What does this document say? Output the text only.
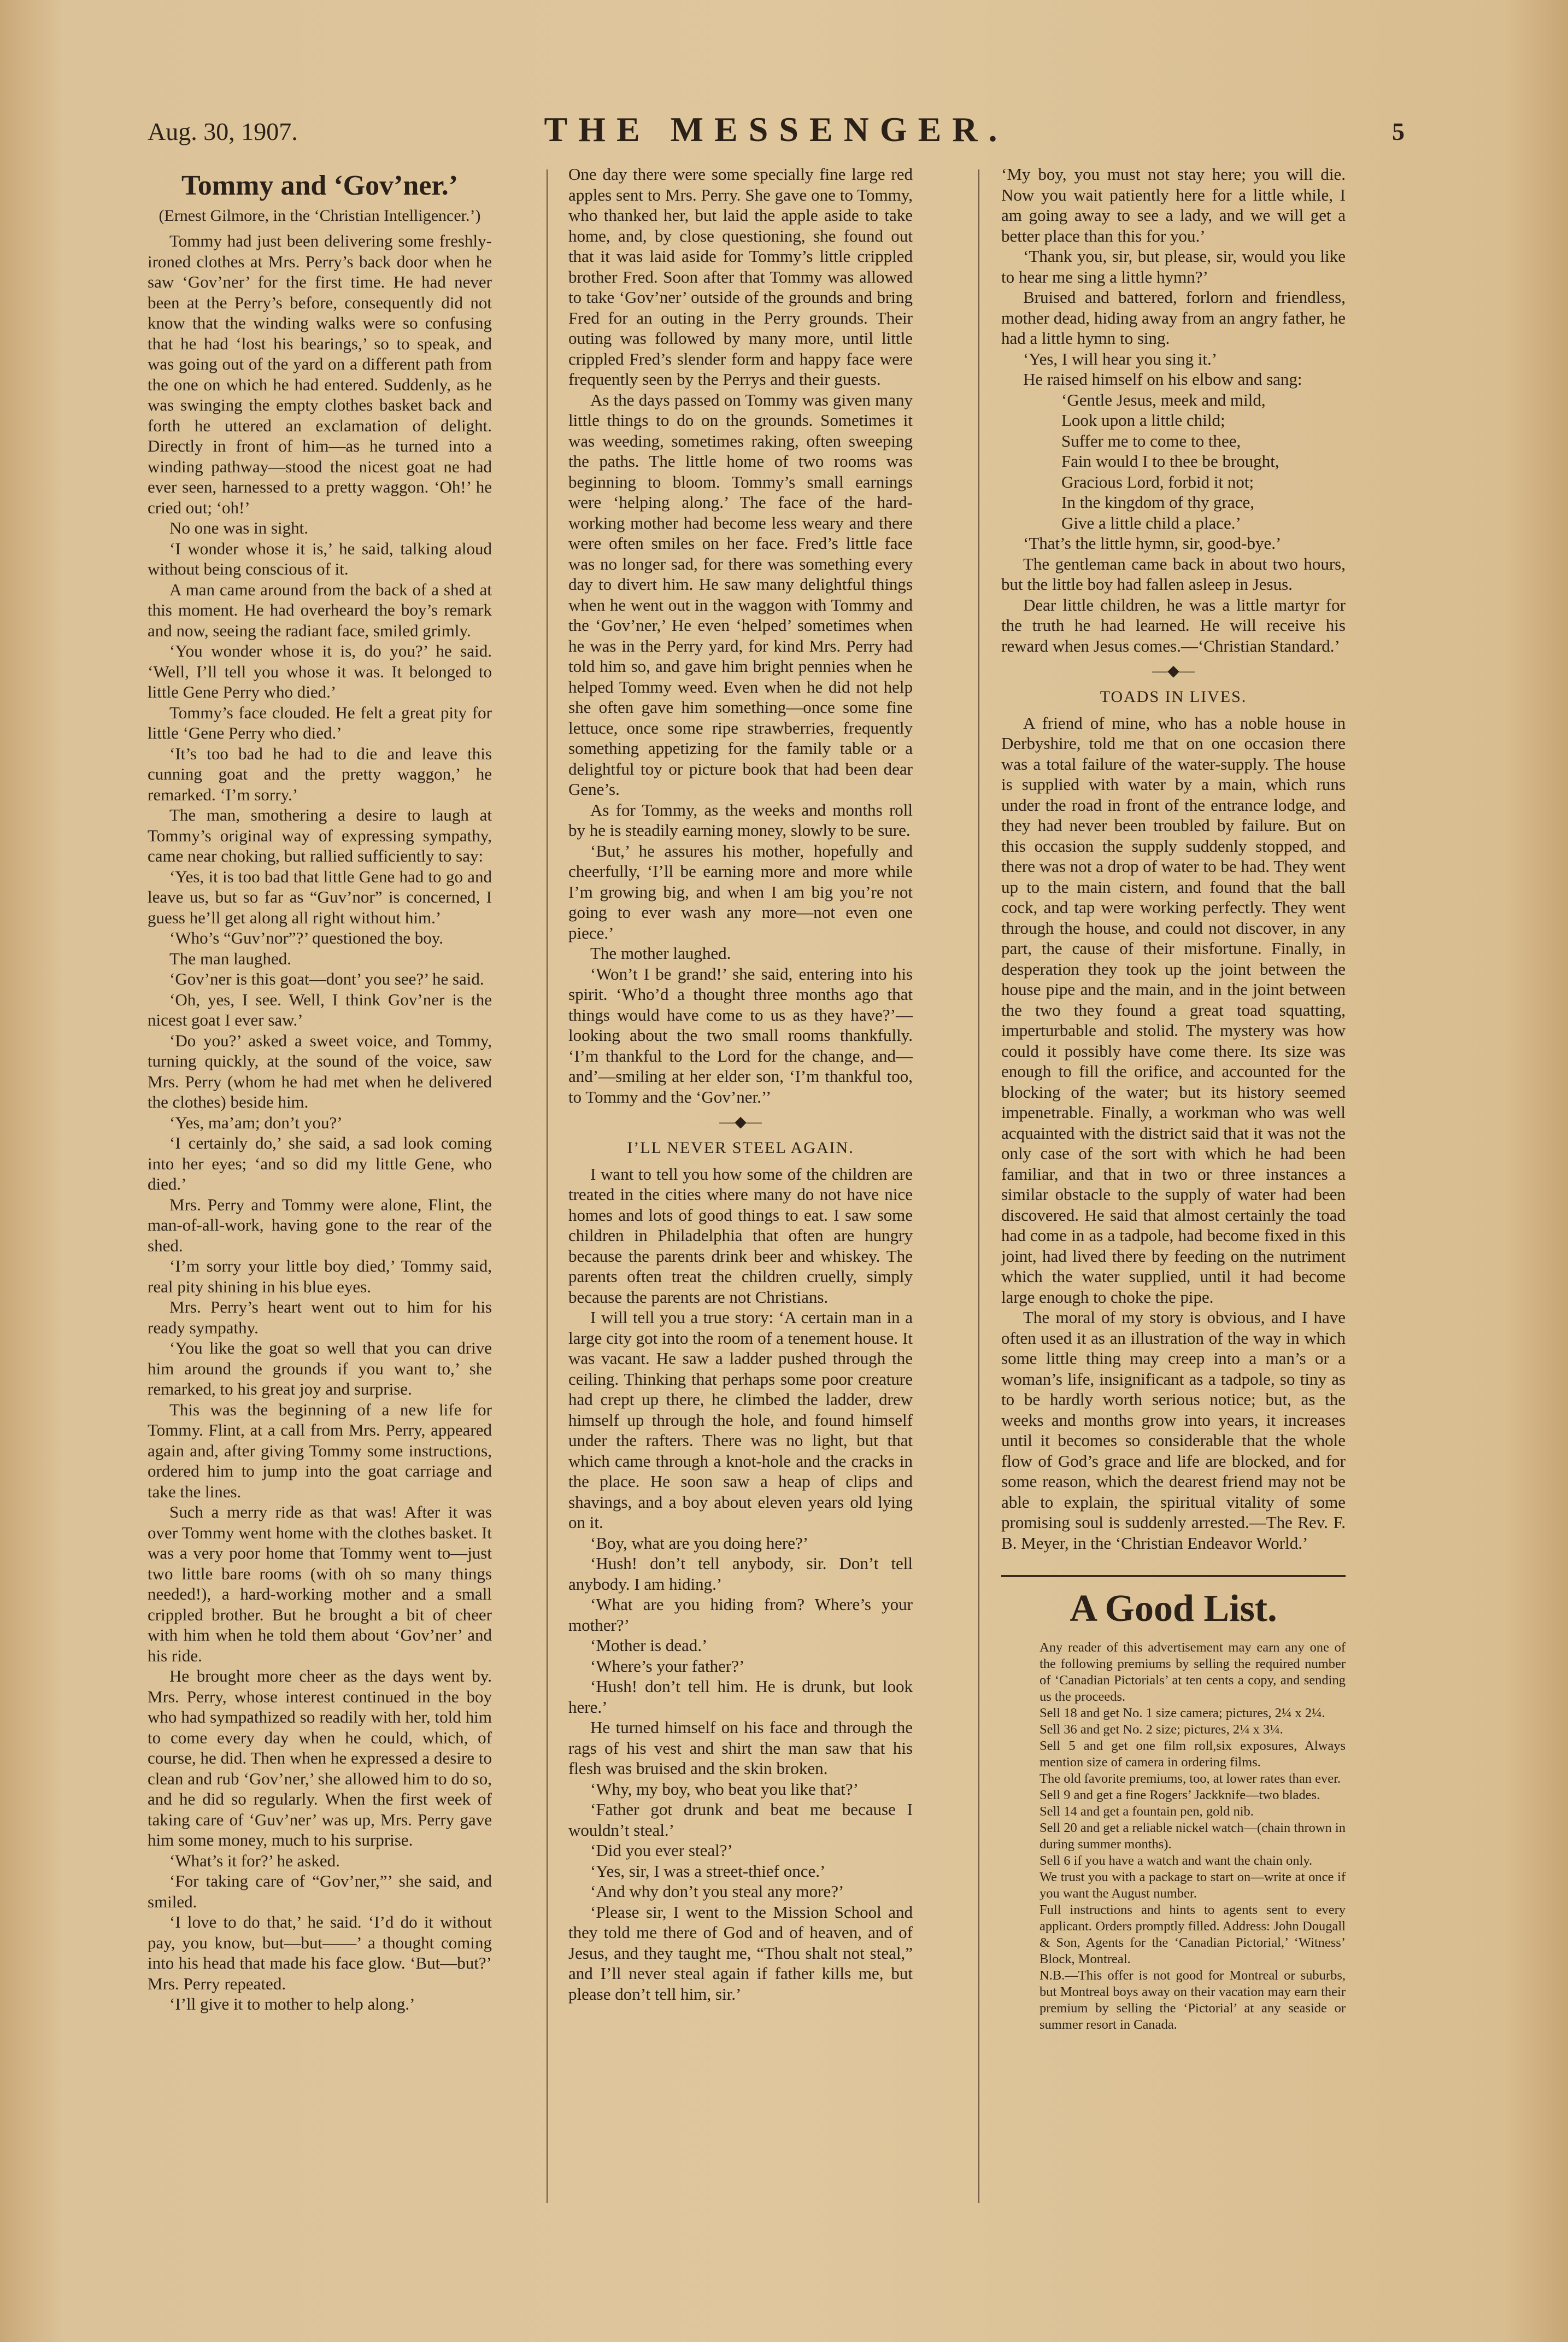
Aug. 30, 1907.	THE MESSENGER.	5
Tommy and ‘Gov’ner.’
(Ernest Gilmore, in the ‘Christian Intelligencer.’)

Tommy had just been delivering some freshly-ironed clothes at Mrs. Perry’s back door when he saw ‘Gov’ner’ for the first time. He had never been at the Perry’s before, consequently did not know that the winding walks were so confusing that he had ‘lost his bearings,’ so to speak, and was going out of the yard on a different path from the one on which he had entered. Suddenly, as he was swinging the empty clothes basket back and forth he uttered an exclamation of delight. Directly in front of him—as he turned into a winding pathway—stood the nicest goat ne had ever seen, harnessed to a pretty waggon. ‘Oh!’ he cried out; ‘oh!’

No one was in sight.

‘I wonder whose it is,’ he said, talking aloud without being conscious of it.

A man came around from the back of a shed at this moment. He had overheard the boy’s remark and now, seeing the radiant face, smiled grimly.

‘You wonder whose it is, do you?’ he said. ‘Well, I’ll tell you whose it was. It belonged to little Gene Perry who died.’

Tommy’s face clouded. He felt a great pity for little ‘Gene Perry who died.’

‘It’s too bad he had to die and leave this cunning goat and the pretty waggon,’ he remarked. ‘I’m sorry.’

The man, smothering a desire to laugh at Tommy’s original way of expressing sympathy, came near choking, but rallied sufficiently to say:

‘Yes, it is too bad that little Gene had to go and leave us, but so far as “Guv’nor” is concerned, I guess he’ll get along all right without him.’

‘Who’s “Guv’nor”?’ questioned the boy.

The man laughed.

‘Gov’ner is this goat—dont’ you see?’ he said.

‘Oh, yes, I see. Well, I think Gov’ner is the nicest goat I ever saw.’

‘Do you?’ asked a sweet voice, and Tommy, turning quickly, at the sound of the voice, saw Mrs. Perry (whom he had met when he delivered the clothes) beside him.

‘Yes, ma’am; don’t you?’

‘I certainly do,’ she said, a sad look coming into her eyes; ‘and so did my little Gene, who died.’

Mrs. Perry and Tommy were alone, Flint, the man-of-all-work, having gone to the rear of the shed.

‘I’m sorry your little boy died,’ Tommy said, real pity shining in his blue eyes.

Mrs. Perry’s heart went out to him for his ready sympathy.

‘You like the goat so well that you can drive him around the grounds if you want to,’ she remarked, to his great joy and surprise.

This was the beginning of a new life for Tommy. Flint, at a call from Mrs. Perry, appeared again and, after giving Tommy some instructions, ordered him to jump into the goat carriage and take the lines.

Such a merry ride as that was! After it was over Tommy went home with the clothes basket. It was a very poor home that Tommy went to—just two little bare rooms (with oh so many things needed!), a hard-working mother and a small crippled brother. But he brought a bit of cheer with him when he told them about ‘Gov’ner’ and his ride.

He brought more cheer as the days went by. Mrs. Perry, whose interest continued in the boy who had sympathized so readily with her, told him to come every day when he could, which, of course, he did. Then when he expressed a desire to clean and rub ‘Gov’ner,’ she allowed him to do so, and he did so regularly. When the first week of taking care of ‘Guv’ner’ was up, Mrs. Perry gave him some money, much to his surprise.

‘What’s it for?’ he asked.

‘For taking care of “Gov’ner,”’ she said, and smiled.

‘I love to do that,’ he said. ‘I’d do it without pay, you know, but—but——’ a thought coming into his head that made his face glow. ‘But—but?’ Mrs. Perry repeated.

‘I’ll give it to mother to help along.’

One day there were some specially fine large red apples sent to Mrs. Perry. She gave one to Tommy, who thanked her, but laid the apple aside to take home, and, by close questioning, she found out that it was laid aside for Tommy’s little crippled brother Fred. Soon after that Tommy was allowed to take ‘Gov’ner’ outside of the grounds and bring Fred for an outing in the Perry grounds. Their outing was followed by many more, until little crippled Fred’s slender form and happy face were frequently seen by the Perrys and their guests.

As the days passed on Tommy was given many little things to do on the grounds. Sometimes it was weeding, sometimes raking, often sweeping the paths. The little home of two rooms was beginning to bloom. Tommy’s small earnings were ‘helping along.’ The face of the hard-working mother had become less weary and there were often smiles on her face. Fred’s little face was no longer sad, for there was something every day to divert him. He saw many delightful things when he went out in the waggon with Tommy and the ‘Gov’ner,’ He even ‘helped’ sometimes when he was in the Perry yard, for kind Mrs. Perry had told him so, and gave him bright pennies when he helped Tommy weed. Even when he did not help she often gave him something—once some fine lettuce, once some ripe strawberries, frequently something appetizing for the family table or a delightful toy or picture book that had been dear Gene’s.

As for Tommy, as the weeks and months roll by he is steadily earning money, slowly to be sure.

‘But,’ he assures his mother, hopefully and cheerfully, ‘I’ll be earning more and more while I’m growing big, and when I am big you’re not going to ever wash any more—not even one piece.’

The mother laughed.

‘Won’t I be grand!’ she said, entering into his spirit. ‘Who’d a thought three months ago that things would have come to us as they have?’—looking about the two small rooms thankfully. ‘I’m thankful to the Lord for the change, and—and’—smiling at her elder son, ‘I’m thankful too, to Tommy and the ‘Gov’ner.’’

—◆—
I’LL NEVER STEEL AGAIN.

I want to tell you how some of the children are treated in the cities where many do not have nice homes and lots of good things to eat. I saw some children in Philadelphia that often are hungry because the parents drink beer and whiskey. The parents often treat the children cruelly, simply because the parents are not Christians.

I will tell you a true story: ‘A certain man in a large city got into the room of a tenement house. It was vacant. He saw a ladder pushed through the ceiling. Thinking that perhaps some poor creature had crept up there, he climbed the ladder, drew himself up through the hole, and found himself under the rafters. There was no light, but that which came through a knot-hole and the cracks in the place. He soon saw a heap of clips and shavings, and a boy about eleven years old lying on it.

‘Boy, what are you doing here?’

‘Hush! don’t tell anybody, sir. Don’t tell anybody. I am hiding.’

‘What are you hiding from? Where’s your mother?’

‘Mother is dead.’

‘Where’s your father?’

‘Hush! don’t tell him. He is drunk, but look here.’

He turned himself on his face and through the rags of his vest and shirt the man saw that his flesh was bruised and the skin broken.

‘Why, my boy, who beat you like that?’

‘Father got drunk and beat me because I wouldn’t steal.’

‘Did you ever steal?’

‘Yes, sir, I was a street-thief once.’

‘And why don’t you steal any more?’

‘Please sir, I went to the Mission School and they told me there of God and of heaven, and of Jesus, and they taught me, “Thou shalt not steal,” and I’ll never steal again if father kills me, but please don’t tell him, sir.’

‘My boy, you must not stay here; you will die. Now you wait patiently here for a little while, I am going away to see a lady, and we will get a better place than this for you.’

‘Thank you, sir, but please, sir, would you like to hear me sing a little hymn?’

Bruised and battered, forlorn and friendless, mother dead, hiding away from an angry father, he had a little hymn to sing.

‘Yes, I will hear you sing it.’

He raised himself on his elbow and sang:

‘Gentle Jesus, meek and mild,

Look upon a little child;

Suffer me to come to thee,

Fain would I to thee be brought,

Gracious Lord, forbid it not;

In the kingdom of thy grace,

Give a little child a place.’

‘That’s the little hymn, sir, good-bye.’

The gentleman came back in about two hours, but the little boy had fallen asleep in Jesus.

Dear little children, he was a little martyr for the truth he had learned. He will receive his reward when Jesus comes.—‘Christian Standard.’

—◆—
TOADS IN LIVES.

A friend of mine, who has a noble house in Derbyshire, told me that on one occasion there was a total failure of the water-supply. The house is supplied with water by a main, which runs under the road in front of the entrance lodge, and they had never been troubled by failure. But on this occasion the supply suddenly stopped, and there was not a drop of water to be had. They went up to the main cistern, and found that the ball cock, and tap were working perfectly. They went through the house, and could not discover, in any part, the cause of their misfortune. Finally, in desperation they took up the joint between the house pipe and the main, and in the joint between the two they found a great toad squatting, imperturbable and stolid. The mystery was how could it possibly have come there. Its size was enough to fill the orifice, and accounted for the blocking of the water; but its history seemed impenetrable. Finally, a workman who was well acquainted with the district said that it was not the only case of the sort with which he had been familiar, and that in two or three instances a similar obstacle to the supply of water had been discovered. He said that almost certainly the toad had come in as a tadpole, had become fixed in this joint, had lived there by feeding on the nutriment which the water supplied, until it had become large enough to choke the pipe.

The moral of my story is obvious, and I have often used it as an illustration of the way in which some little thing may creep into a man’s or a woman’s life, insignificant as a tadpole, so tiny as to be hardly worth serious notice; but, as the weeks and months grow into years, it increases until it becomes so considerable that the whole flow of God’s grace and life are blocked, and for some reason, which the dearest friend may not be able to explain, the spiritual vitality of some promising soul is suddenly arrested.—The Rev. F. B. Meyer, in the ‘Christian Endeavor World.’

A Good List.

Any reader of this advertisement may earn any one of the following premiums by selling the required number of ‘Canadian Pictorials’ at ten cents a copy, and sending us the proceeds.

Sell 18 and get No. 1 size camera; pictures, 2¼ x 2¼.

Sell 36 and get No. 2 size; pictures, 2¼ x 3¼.

Sell 5 and get one film roll,six exposures, Always mention size of camera in ordering films.

The old favorite premiums, too, at lower rates than ever.

Sell 9 and get a fine Rogers’ Jackknife—two blades.

Sell 14 and get a fountain pen, gold nib.

Sell 20 and get a reliable nickel watch—(chain thrown in during summer months).

Sell 6 if you have a watch and want the chain only.

We trust you with a package to start on—write at once if you want the August number.

Full instructions and hints to agents sent to every applicant. Orders promptly filled. Address: John Dougall & Son, Agents for the ‘Canadian Pictorial,’ ‘Witness’ Block, Montreal.

N.B.—This offer is not good for Montreal or suburbs, but Montreal boys away on their vacation may earn their premium by selling the ‘Pictorial’ at any seaside or summer resort in Canada.
